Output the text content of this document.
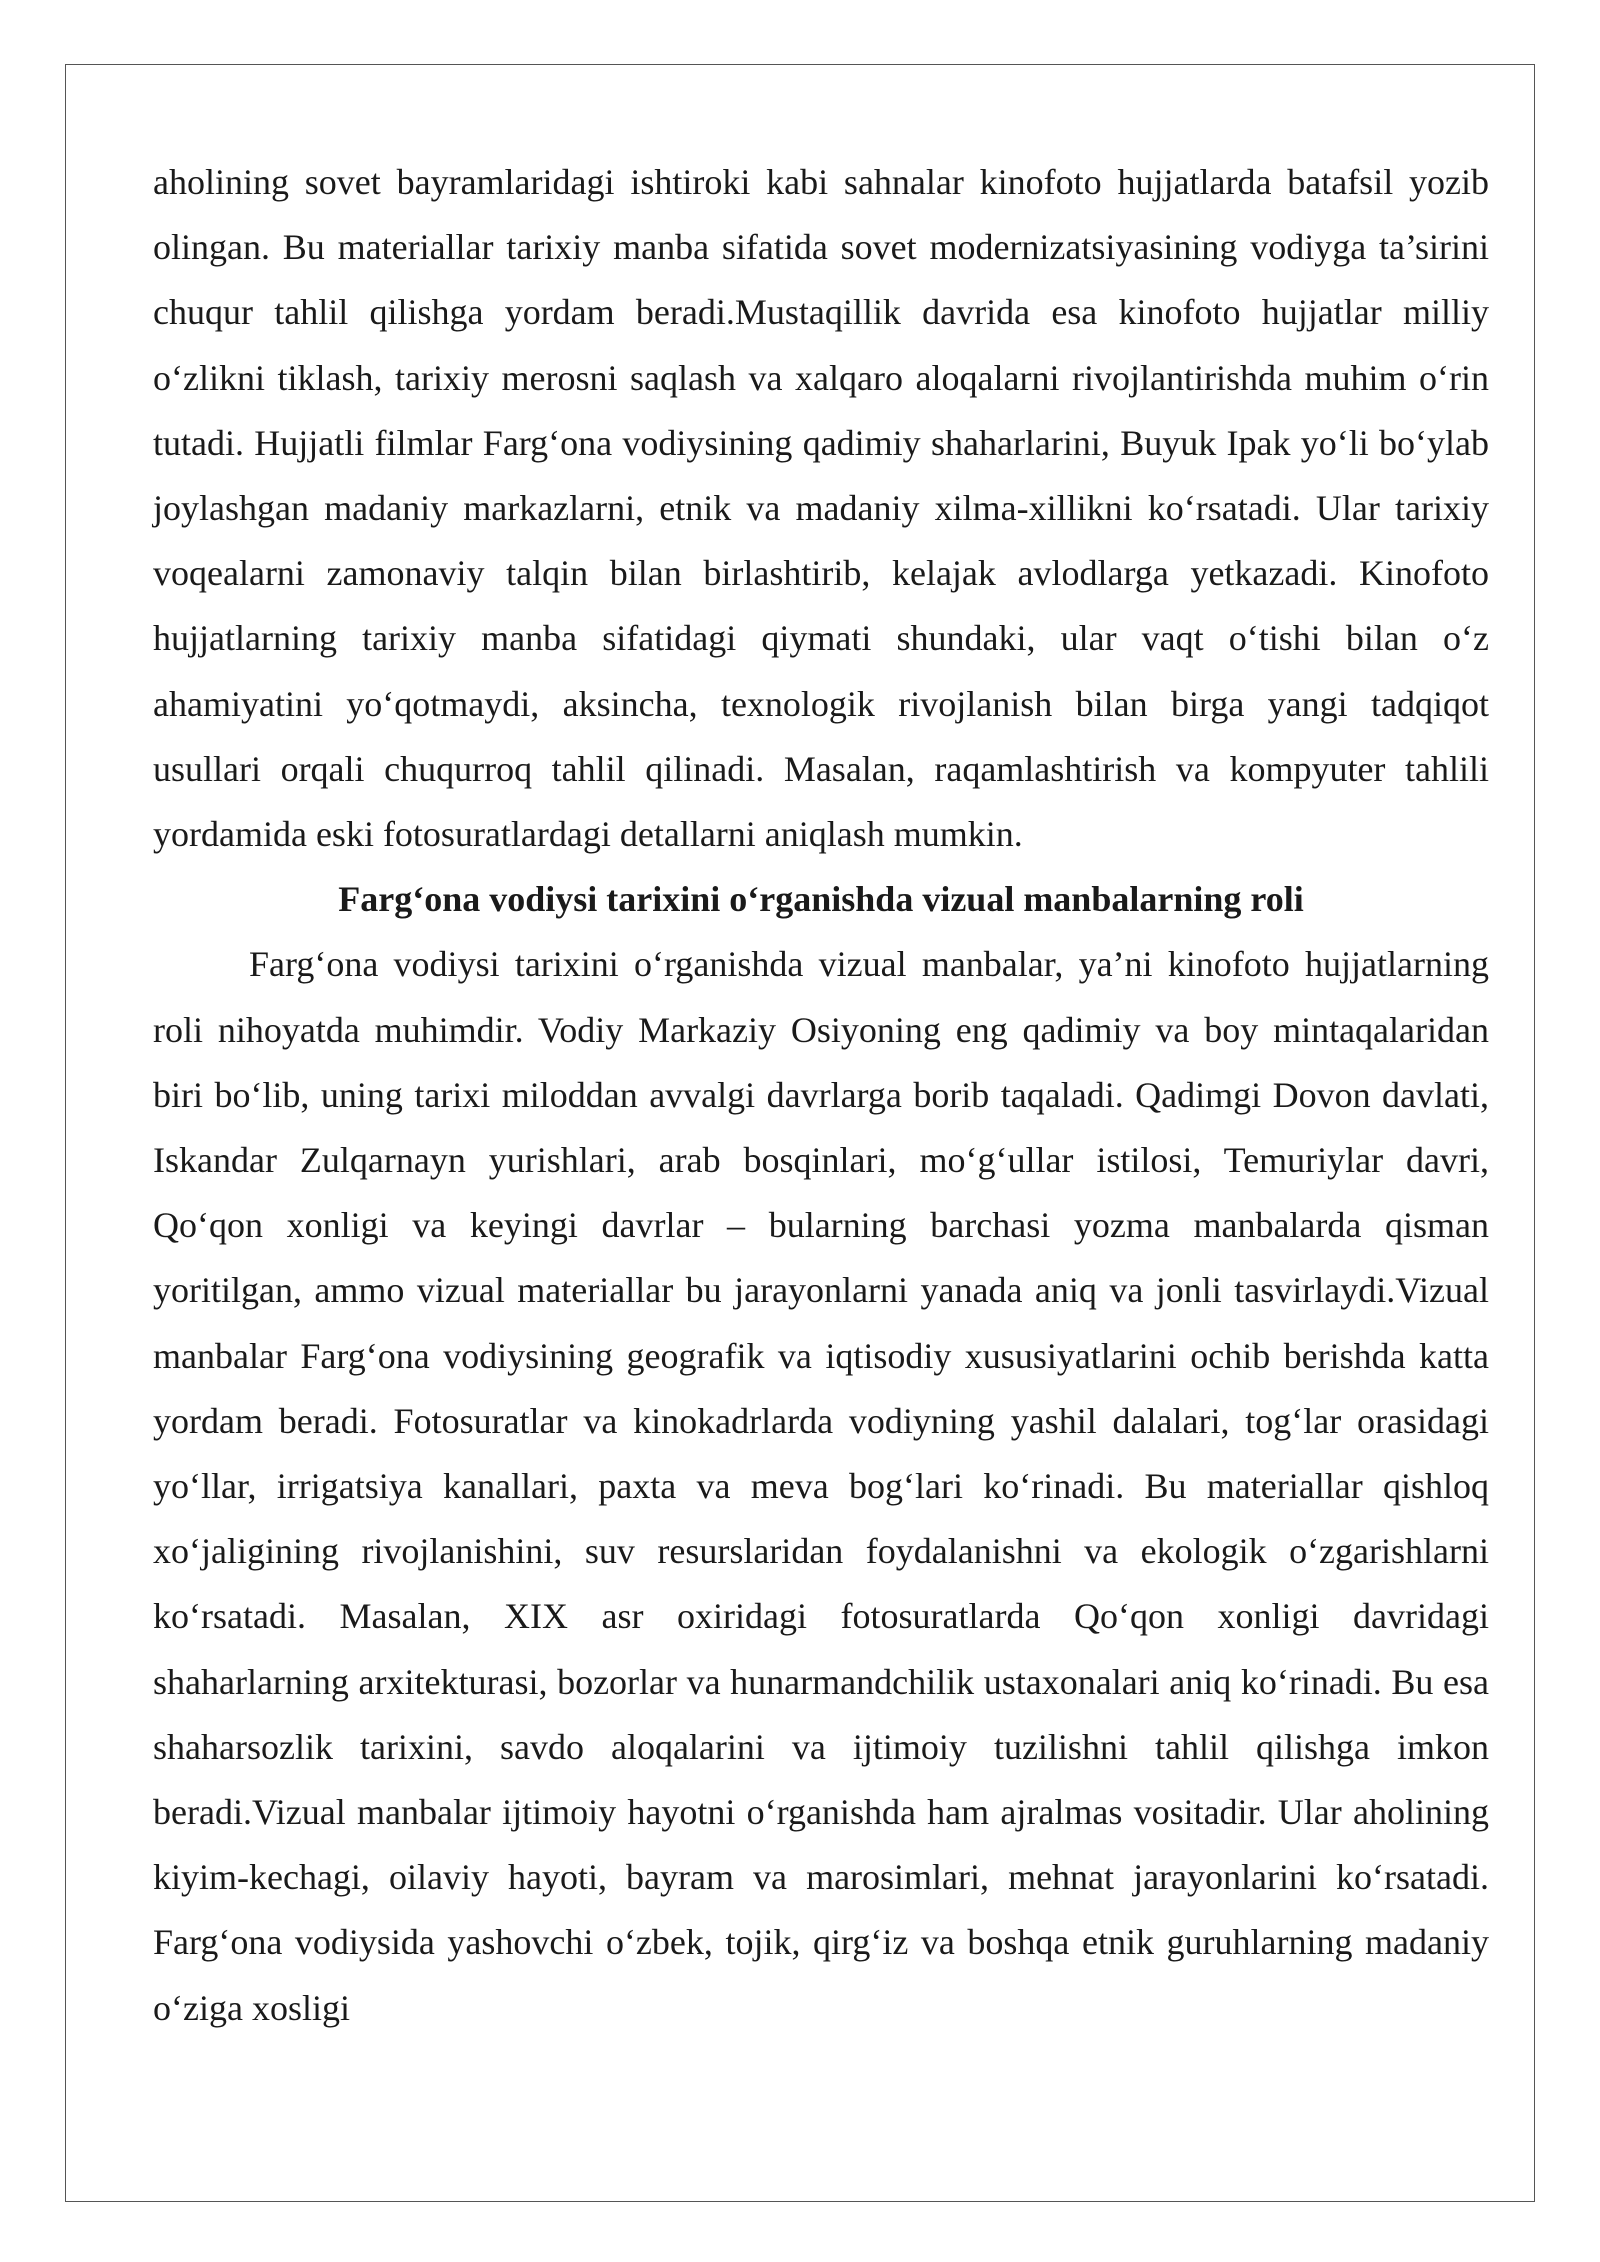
aholining sovet bayramlaridagi ishtiroki kabi sahnalar kinofoto hujjatlarda batafsil yozib olingan. Bu materiallar tarixiy manba sifatida sovet modernizatsiyasining vodiyga ta’sirini chuqur tahlil qilishga yordam beradi.Mustaqillik davrida esa kinofoto hujjatlar milliy o‘zlikni tiklash, tarixiy merosni saqlash va xalqaro aloqalarni rivojlantirishda muhim o‘rin tutadi. Hujjatli filmlar Farg‘ona vodiysining qadimiy shaharlarini, Buyuk Ipak yo‘li bo‘ylab joylashgan madaniy markazlarni, etnik va madaniy xilma-xillikni ko‘rsatadi. Ular tarixiy voqealarni zamonaviy talqin bilan birlashtirib, kelajak avlodlarga yetkazadi. Kinofoto hujjatlarning tarixiy manba sifatidagi qiymati shundaki, ular vaqt o‘tishi bilan o‘z ahamiyatini yo‘qotmaydi, aksincha, texnologik rivojlanish bilan birga yangi tadqiqot usullari orqali chuqurroq tahlil qilinadi. Masalan, raqamlashtirish va kompyuter tahlili yordamida eski fotosuratlardagi detallarni aniqlash mumkin.

Farg‘ona vodiysi tarixini o‘rganishda vizual manbalarning roli

Farg‘ona vodiysi tarixini o‘rganishda vizual manbalar, ya’ni kinofoto hujjatlarning roli nihoyatda muhimdir. Vodiy Markaziy Osiyoning eng qadimiy va boy mintaqalaridan biri bo‘lib, uning tarixi miloddan avvalgi davrlarga borib taqaladi. Qadimgi Dovon davlati, Iskandar Zulqarnayn yurishlari, arab bosqinlari, mo‘g‘ullar istilosi, Temuriylar davri, Qo‘qon xonligi va keyingi davrlar – bularning barchasi yozma manbalarda qisman yoritilgan, ammo vizual materiallar bu jarayonlarni yanada aniq va jonli tasvirlaydi.Vizual manbalar Farg‘ona vodiysining geografik va iqtisodiy xususiyatlarini ochib berishda katta yordam beradi. Fotosuratlar va kinokadrlarda vodiyning yashil dalalari, tog‘lar orasidagi yo‘llar, irrigatsiya kanallari, paxta va meva bog‘lari ko‘rinadi. Bu materiallar qishloq xo‘jaligining rivojlanishini, suv resurslaridan foydalanishni va ekologik o‘zgarishlarni ko‘rsatadi. Masalan, XIX asr oxiridagi fotosuratlarda Qo‘qon xonligi davridagi shaharlarning arxitekturasi, bozorlar va hunarmandchilik ustaxonalari aniq ko‘rinadi. Bu esa shaharsozlik tarixini, savdo aloqalarini va ijtimoiy tuzilishni tahlil qilishga imkon beradi.Vizual manbalar ijtimoiy hayotni o‘rganishda ham ajralmas vositadir. Ular aholining kiyim-kechagi, oilaviy hayoti, bayram va marosimlari, mehnat jarayonlarini ko‘rsatadi. Farg‘ona vodiysida yashovchi o‘zbek, tojik, qirg‘iz va boshqa etnik guruhlarning madaniy o‘ziga xosligi
